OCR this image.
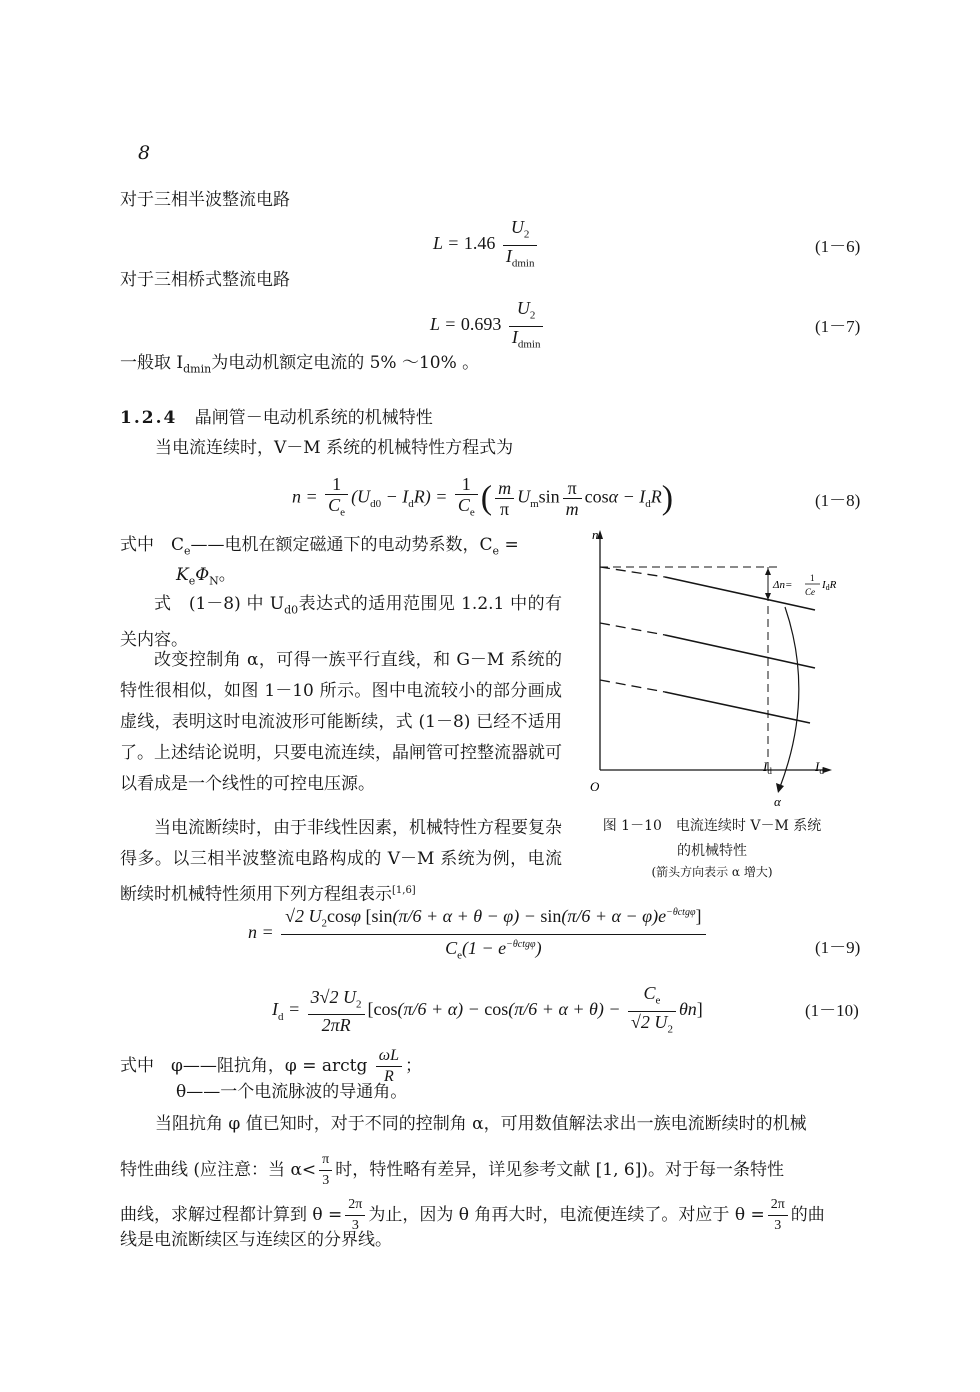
8
对于三相半波整流电路
$L = 1.46 \frac{U_2}{I_{dmin}}$	(1－6)
对于三相桥式整流电路
$L = 0.693 \frac{U_2}{I_{dmin}}$	(1－7)
一般取 $I_{dmin}$为电动机额定电流的 5% ～10% 。
1.2.4 晶闸管－电动机系统的机械特性
当电流连续时，V－M 系统的机械特性方程式为
$n = \frac{1}{C_e} (U_{d0} - I_dR) = \frac{1}{C_e}$ ( $\frac{m}{\pi} U_m\sin \frac{\pi}{m}$ $\cos\alpha - I_dR$)	(1－8)
式中　$C_e——$电机在额定磁通下的电动势系数，$C_e$ =
$K_e\Phi_N$。
式　(1－8) 中 $U_{d0}$表达式的适用范围见 1.2.1 中的有关内容。
改变控制角 α，可得一族平行直线，和 G－M 系统的特性很相似，如图 1－10 所示。图中电流较小的部分画成虚线，表明这时电流波形可能断续，式 (1－8) 已经不适用了。上述结论说明，只要电流连续，晶闸管可控整流器就可以看成是一个线性的可控电压源。
当电流断续时，由于非线性因素，机械特性方程要复杂得多。以三相半波整流电路构成的 V－M 系统为例，电流断续时机械特性须用下列方程组表示[1,6]
n
O
$I_d$
$I_d$
Δn=
1
Ce
IdR
α
图 1－10　电流连续时 V－M 系统
的机械特性
(箭头方向表示 α 增大)
$n = \frac{√2 U_2\cos\varphi [\sin(\pi/6 + \alpha + \theta - \varphi) - \sin(\pi/6 + \alpha - \varphi)e^{-\theta ctg\varphi}]}{C_e(1 - e^{-\theta ctg\varphi})}$	(1－9)
$I_d = \frac{3√2 U_2}{2\pi R} [\cos(\pi/6 + \alpha) - \cos(\pi/6 + \alpha + \theta) - \frac{C_e}{√2 U_2} \theta n]$	(1－10)
式中　φ——阻抗角，φ = arctg $\frac{\omega L}{R}$ ；
θ——一个电流脉波的导通角。
当阻抗角 φ 值已知时，对于不同的控制角 α，可用数值解法求出一族电流断续时的机械
特性曲线 (应注意：当 $\alpha< \frac{\pi}{3}$ 时，特性略有差异，详见参考文献 [1, 6])。对于每一条特性
曲线，求解过程都计算到 $\theta = \frac{2\pi}{3}$ 为止，因为 θ 角再大时，电流便连续了。对应于 $\theta = \frac{2\pi}{3}$ 的曲
线是电流断续区与连续区的分界线。
